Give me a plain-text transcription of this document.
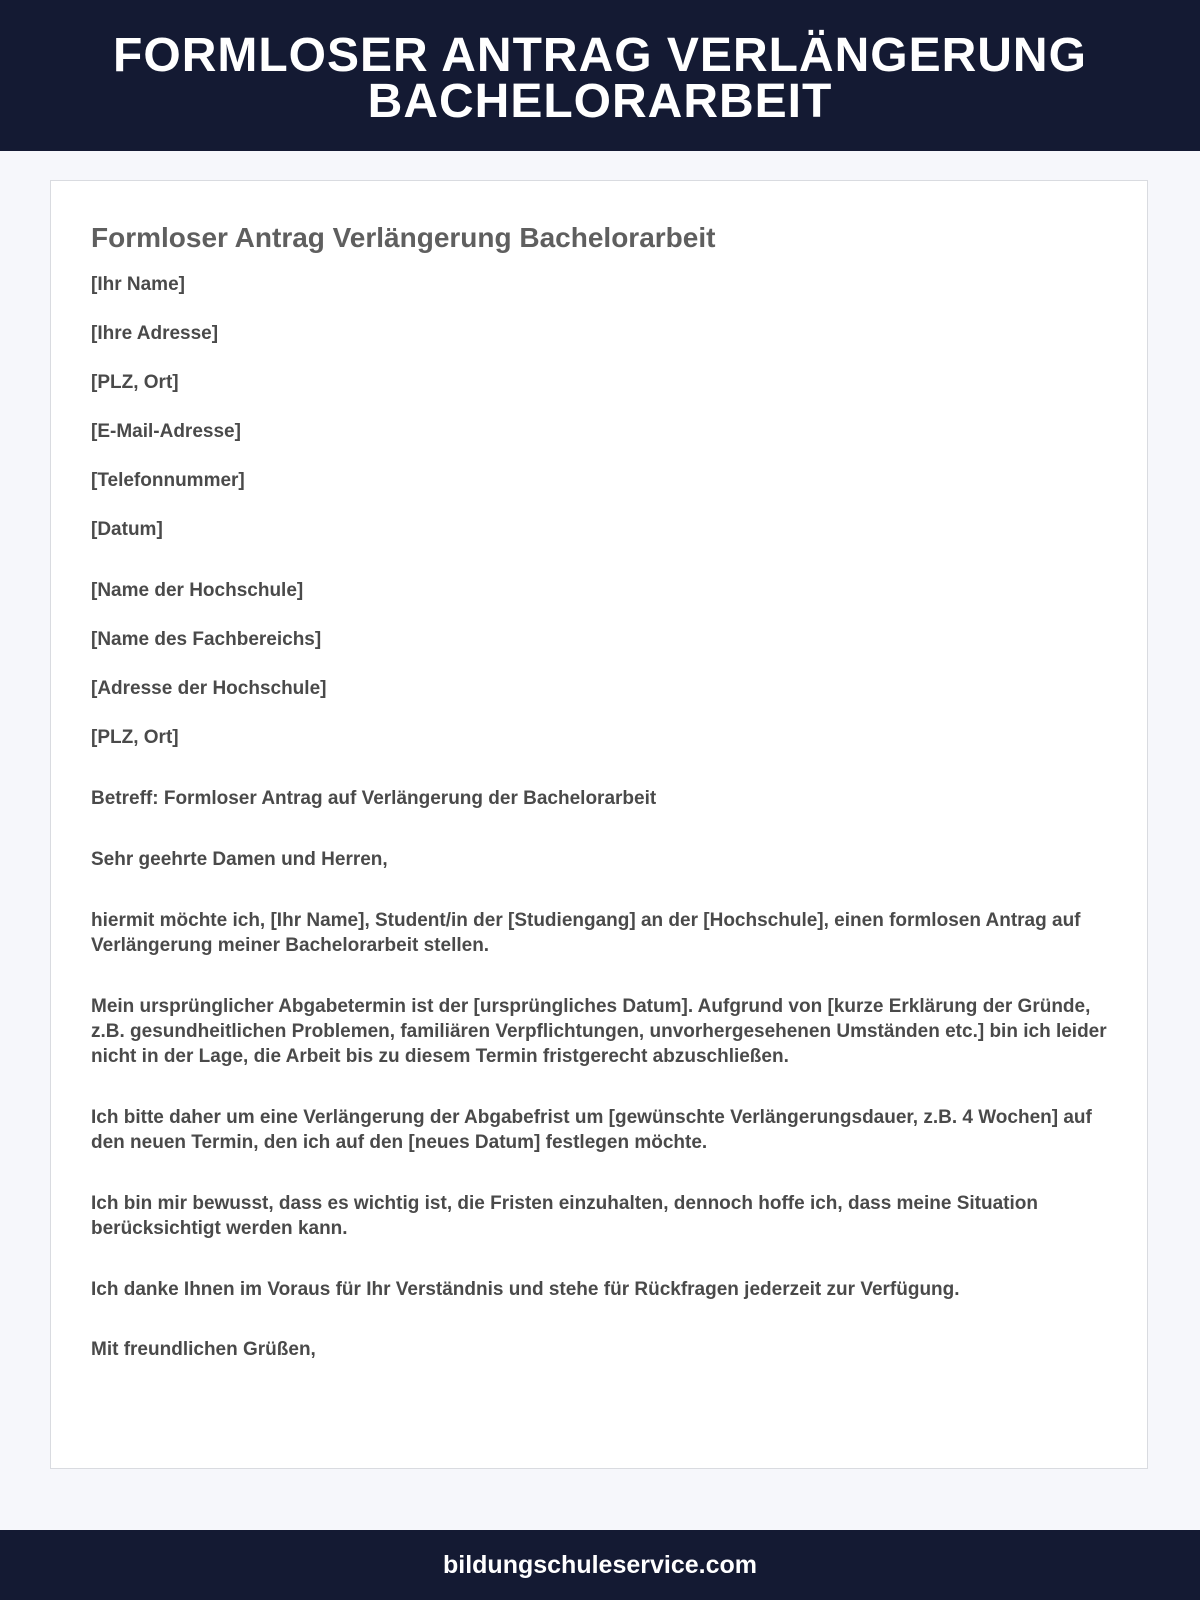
FORMLOSER ANTRAG VERLÄNGERUNG BACHELORARBEIT
Formloser Antrag Verlängerung Bachelorarbeit

[Ihr Name]

[Ihre Adresse]

[PLZ, Ort]

[E-Mail-Adresse]

[Telefonnummer]

[Datum]

[Name der Hochschule]

[Name des Fachbereichs]

[Adresse der Hochschule]

[PLZ, Ort]

Betreff: Formloser Antrag auf Verlängerung der Bachelorarbeit

Sehr geehrte Damen und Herren,

hiermit möchte ich, [Ihr Name], Student/in der [Studiengang] an der [Hochschule], einen formlosen Antrag auf Verlängerung meiner Bachelorarbeit stellen.

Mein ursprünglicher Abgabetermin ist der [ursprüngliches Datum]. Aufgrund von [kurze Erklärung der Gründe, z.B. gesundheitlichen Problemen, familiären Verpflichtungen, unvorhergesehenen Umständen etc.] bin ich leider nicht in der Lage, die Arbeit bis zu diesem Termin fristgerecht abzuschließen.

Ich bitte daher um eine Verlängerung der Abgabefrist um [gewünschte Verlängerungsdauer, z.B. 4 Wochen] auf den neuen Termin, den ich auf den [neues Datum] festlegen möchte.

Ich bin mir bewusst, dass es wichtig ist, die Fristen einzuhalten, dennoch hoffe ich, dass meine Situation berücksichtigt werden kann.

Ich danke Ihnen im Voraus für Ihr Verständnis und stehe für Rückfragen jederzeit zur Verfügung.

Mit freundlichen Grüßen,

bildungschuleservice.com
